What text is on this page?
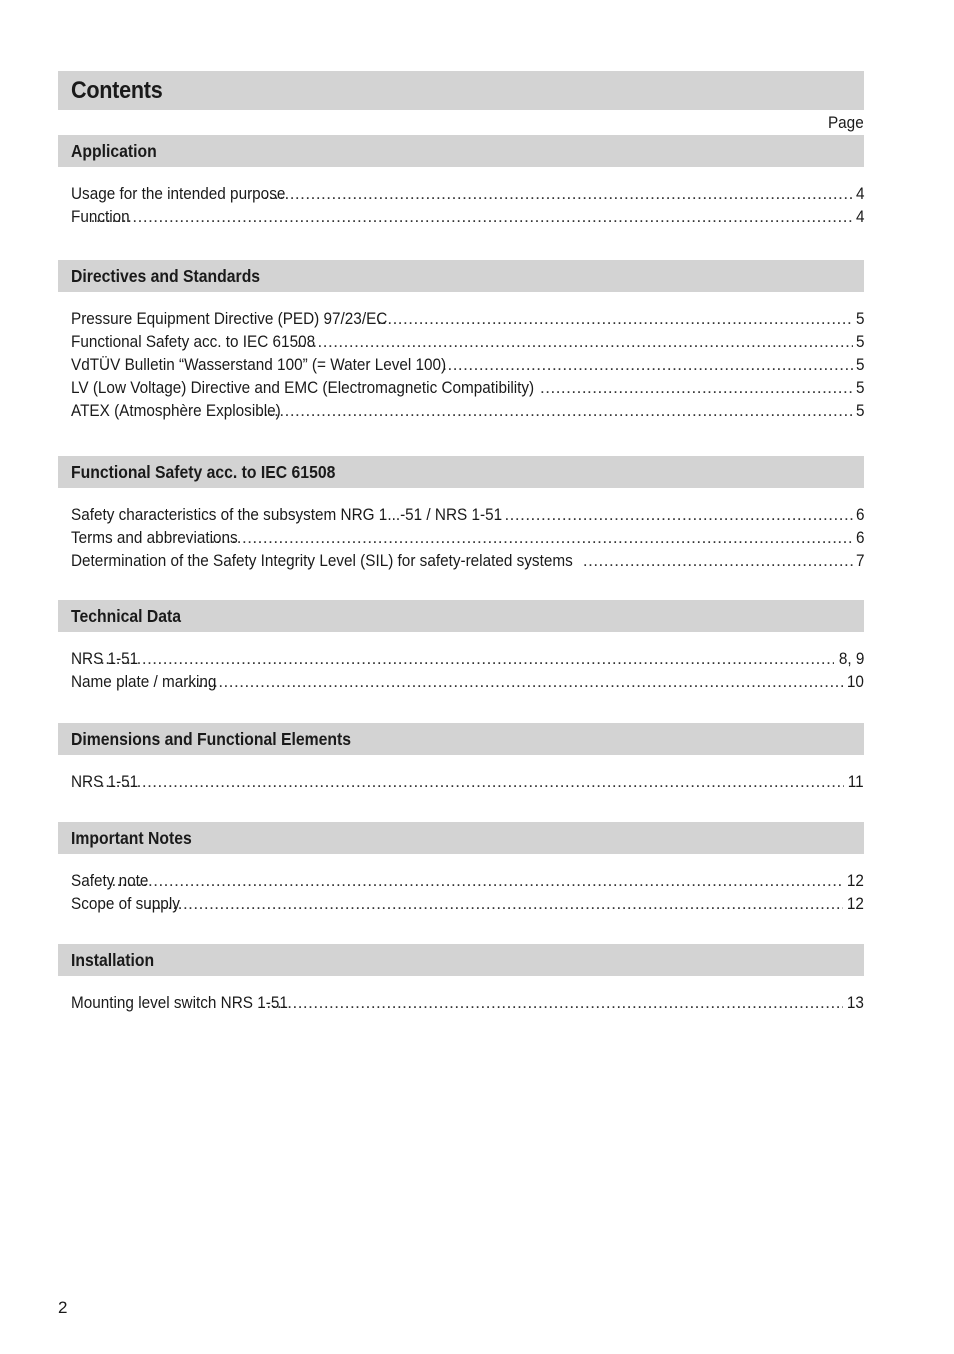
Contents
Page
Application
Usage for the intended purpose .....	4
Function .....	4
Directives and Standards
Pressure Equipment Directive (PED) 97/23/EC .....	5
Functional Safety acc. to IEC 61508 .....	5
VdTÜV Bulletin “Wasserstand 100” (= Water Level 100) .....	5
LV (Low Voltage) Directive and EMC (Electromagnetic Compatibility) .....	5
ATEX (Atmosphère Explosible) .....	5
Functional Safety acc. to IEC 61508
Safety characteristics of the subsystem NRG 1...-51 / NRS 1-51 .....	6
Terms and abbreviations .....	6
Determination of the Safety Integrity Level (SIL) for safety-related systems .....	7
Technical Data
NRS 1-51 .....	8, 9
Name plate / marking .....	10
Dimensions and Functional Elements
NRS 1-51 .....	11
Important Notes
Safety note .....	12
Scope of supply .....	12
Installation
Mounting level switch NRS 1-51 .....	13
2
